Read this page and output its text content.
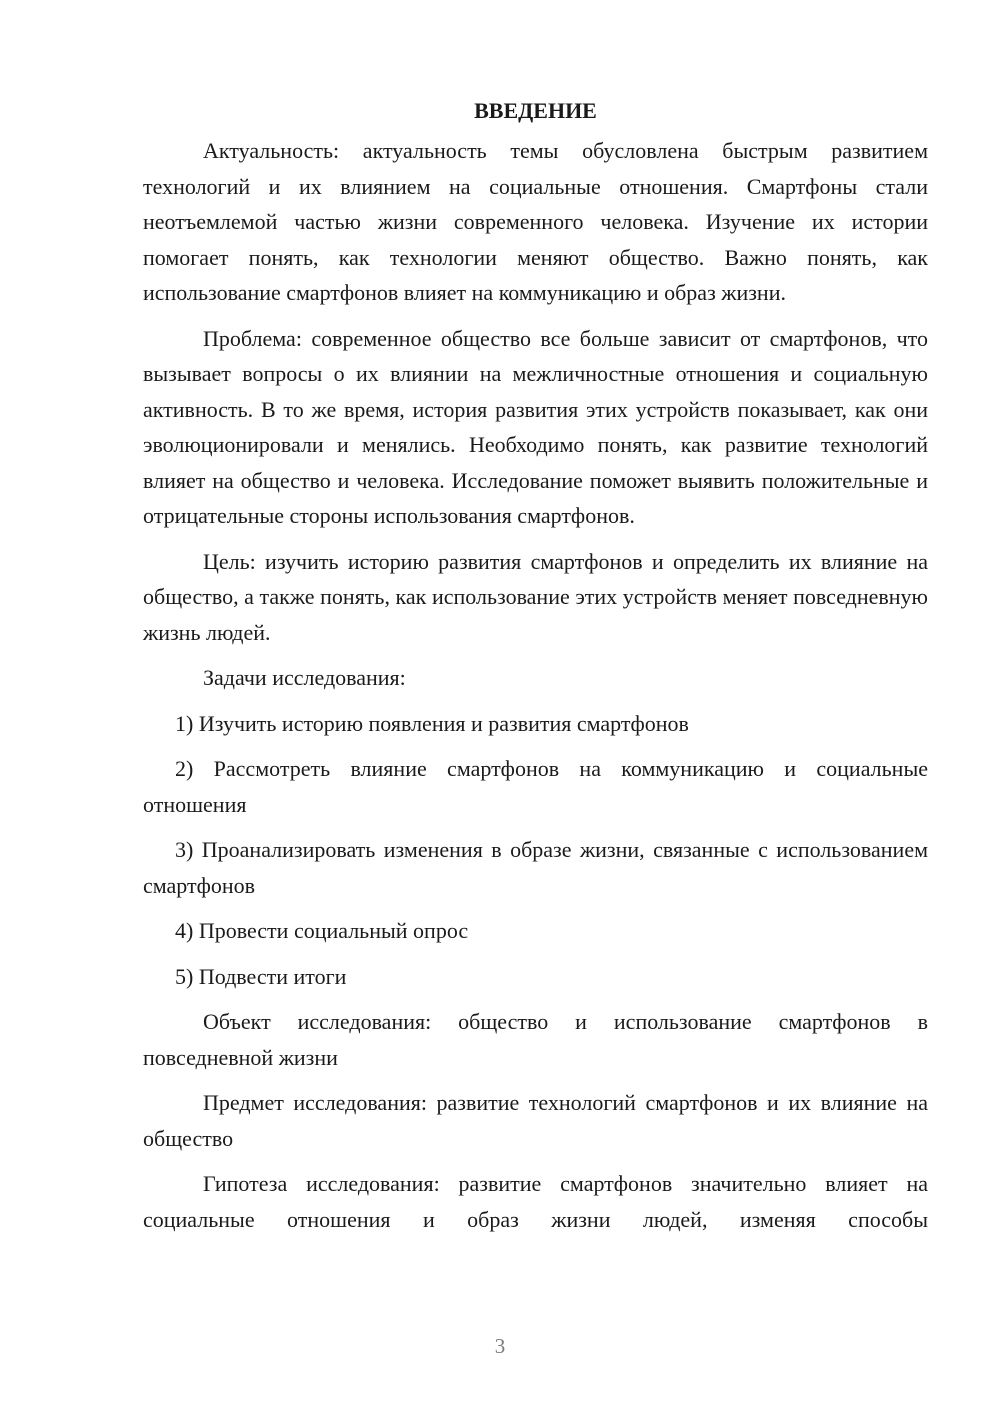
ВВЕДЕНИЕ

Актуальность: актуальность темы обусловлена быстрым развитием технологий и их влиянием на социальные отношения. Смартфоны стали неотъемлемой частью жизни современного человека. Изучение их истории помогает понять, как технологии меняют общество. Важно понять, как использование смартфонов влияет на коммуникацию и образ жизни.

Проблема: современное общество все больше зависит от смартфонов, что вызывает вопросы о их влиянии на межличностные отношения и социальную активность. В то же время, история развития этих устройств показывает, как они эволюционировали и менялись. Необходимо понять, как развитие технологий влияет на общество и человека. Исследование поможет выявить положительные и отрицательные стороны использования смартфонов.

Цель: изучить историю развития смартфонов и определить их влияние на общество, а также понять, как использование этих устройств меняет повседневную жизнь людей.

Задачи исследования:

1) Изучить историю появления и развития смартфонов

2) Рассмотреть влияние смартфонов на коммуникацию и социальные отношения

3) Проанализировать изменения в образе жизни, связанные с использованием смартфонов

4) Провести социальный опрос

5) Подвести итоги

Объект исследования: общество и использование смартфонов в повседневной жизни

Предмет исследования: развитие технологий смартфонов и их влияние на общество

Гипотеза исследования: развитие смартфонов значительно влияет на социальные отношения и образ жизни людей, изменяя способы

3
